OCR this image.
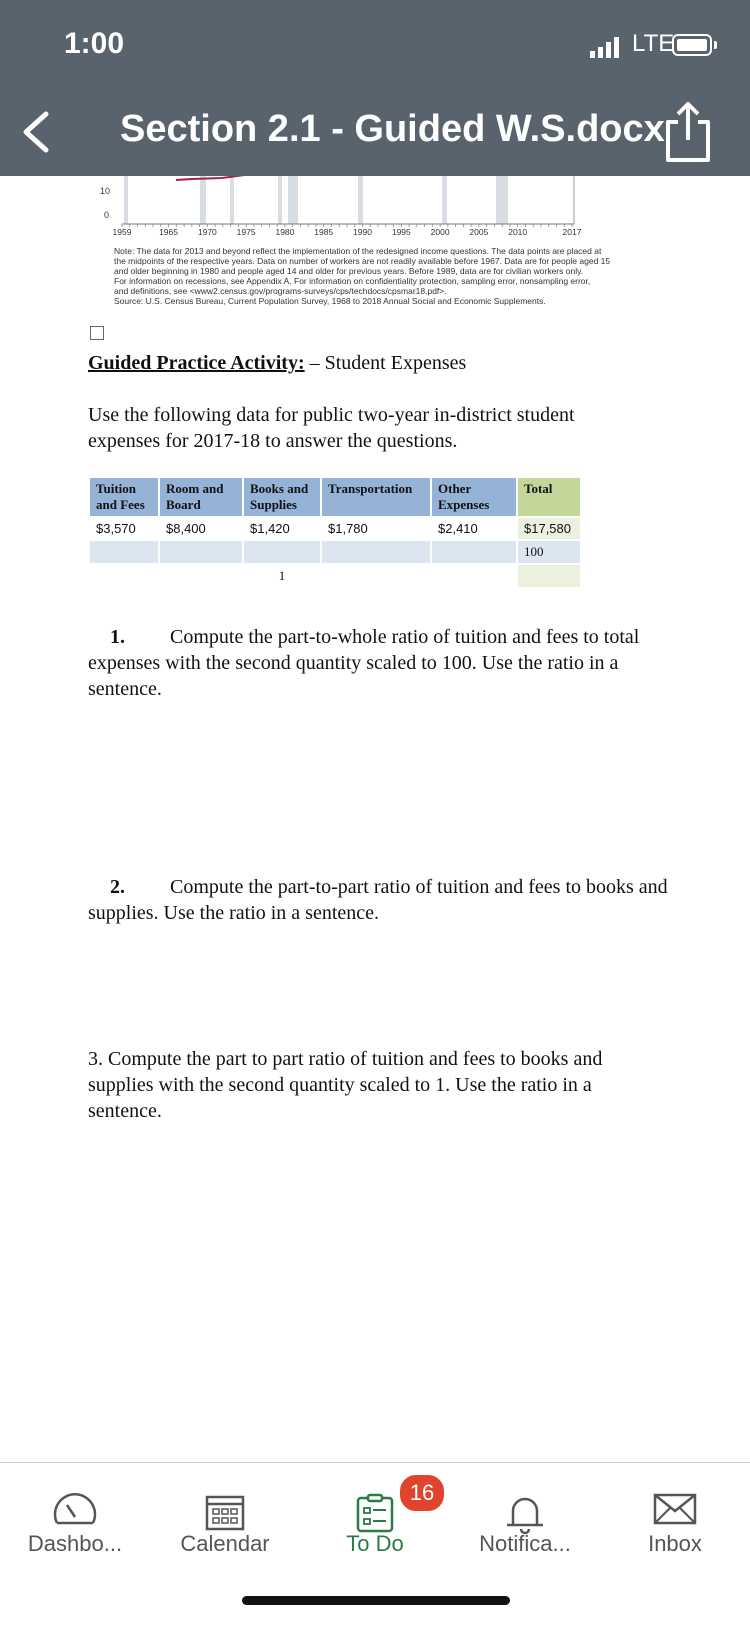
1:00	LTE
Section 2.1 - Guided W.S.docx
10
0
1959	1965 1970 1975 1980 1985 1990 1995 2000 2005 2010	2017
Note: The data for 2013 and beyond reflect the implementation of the redesigned income questions. The data points are placed at
the midpoints of the respective years. Data on number of workers are not readily available before 1967. Data are for people aged 15
and older beginning in 1980 and people aged 14 and older for previous years. Before 1989, data are for civilian workers only.
For information on recessions, see Appendix A. For information on confidentiality protection, sampling error, nonsampling error,
and definitions, see <www2.census.gov/programs-surveys/cps/techdocs/cpsmar18.pdf>.
Source: U.S. Census Bureau, Current Population Survey, 1968 to 2018 Annual Social and Economic Supplements.
Guided Practice Activity: – Student Expenses
Use the following data for public two-year in-district student expenses for 2017-18 to answer the questions.
Tuition and Fees	Room and Board	Books and Supplies	Transportation	Other Expenses	Total
$3,570	$8,400	$1,420	$1,780	$2,410	$17,580
					100
		1			
1. Compute the part-to-whole ratio of tuition and fees to total expenses with the second quantity scaled to 100. Use the ratio in a sentence.
2. Compute the part-to-part ratio of tuition and fees to books and supplies. Use the ratio in a sentence.
3. Compute the part to part ratio of tuition and fees to books and supplies with the second quantity scaled to 1. Use the ratio in a sentence.
Dashbo...	Calendar	To Do
16
Notifica...	Inbox
